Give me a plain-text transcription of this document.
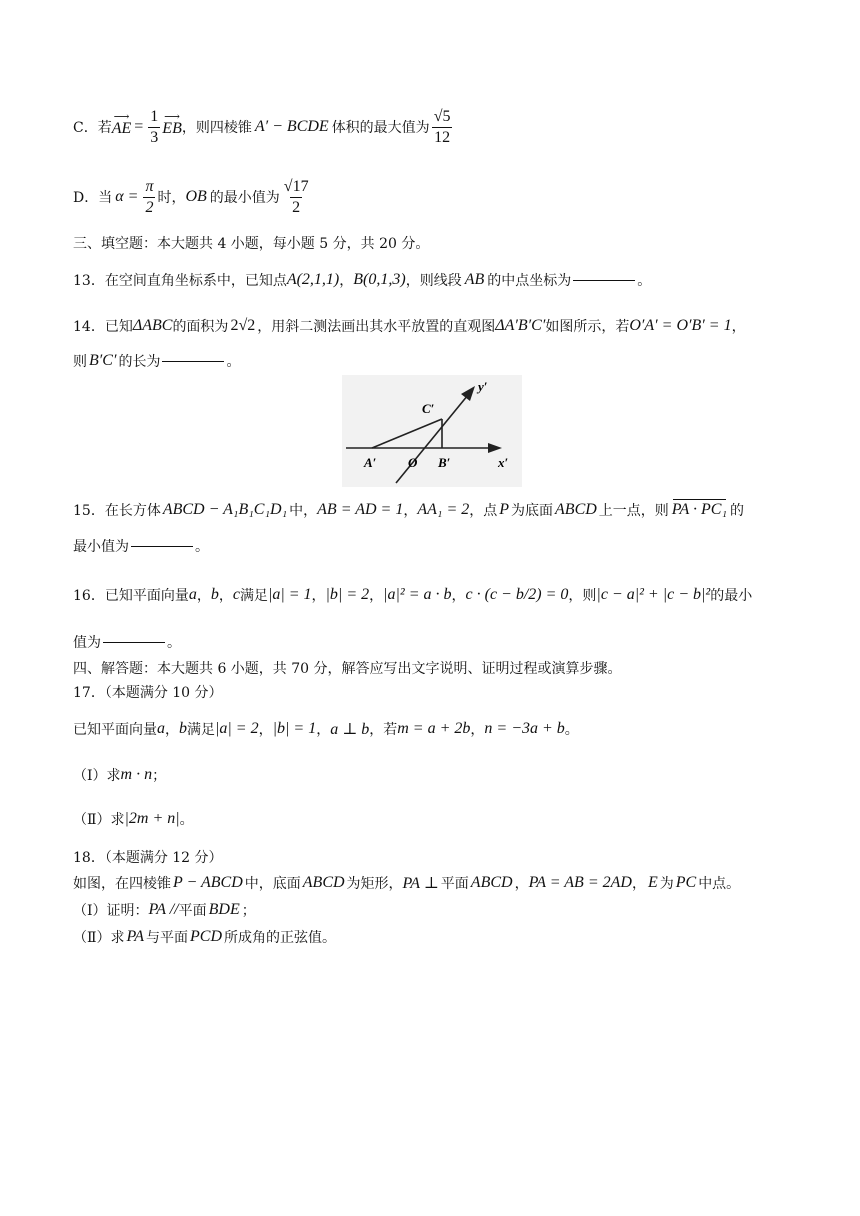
C．若
⟶
AE = $\frac{1}{3}$ ⟶
EB ，则四棱锥 A′ − BCDE 体积的最大值为 $\frac{√5}{12}$
D．当 $\alpha = \frac{\pi}{2}$ 时， OB 的最小值为 $\frac{√17}{2}$
三、填空题：本大题共 4 小题，每小题 5 分，共 20 分。
13．在空间直角坐标系中，已知点 A(2,1,1) ， B(0,1,3) ，则线段 AB 的中点坐标为	。
14．已知 ΔABC 的面积为 2√2 ，用斜二测法画出其水平放置的直观图 ΔA′B′C′ 如图所示，若 O′A′ = O′B′ = 1 ，
则 B′C′ 的长为	。
C′
y′
A′ O B′	x′
15．在长方体 ABCD − A₁B₁C₁D₁ 中， AB = AD = 1 ， AA₁ = 2 ，点 P 为底面 ABCD 上一点，则 PA · PC₁ 的
最小值为	。
16．已知平面向量 a ， b ， c 满足 |a| = 1 ， |b| = 2 ， |a|² = a · b ， c · (c − b/2) = 0 ，则 |c − a|² + |c − b|² 的最小
值为	。
四、解答题：本大题共 6 小题，共 70 分，解答应写出文字说明、证明过程或演算步骤。
17．（本题满分 10 分）
已知平面向量 a ， b 满足 |a| = 2 ， |b| = 1 ， a ⊥ b ，若 m = a + 2b ， n = −3a + b 。
（Ⅰ）求 m · n ；
（Ⅱ）求 |2m + n| 。
18．（本题满分 12 分）
如图，在四棱锥 P − ABCD 中，底面 ABCD 为矩形， PA ⊥ 平面 ABCD ， PA = AB = 2AD ， E 为 PC 中点。
（Ⅰ）证明： PA // 平面 BDE ；
（Ⅱ）求 PA 与平面 PCD 所成角的正弦值。
